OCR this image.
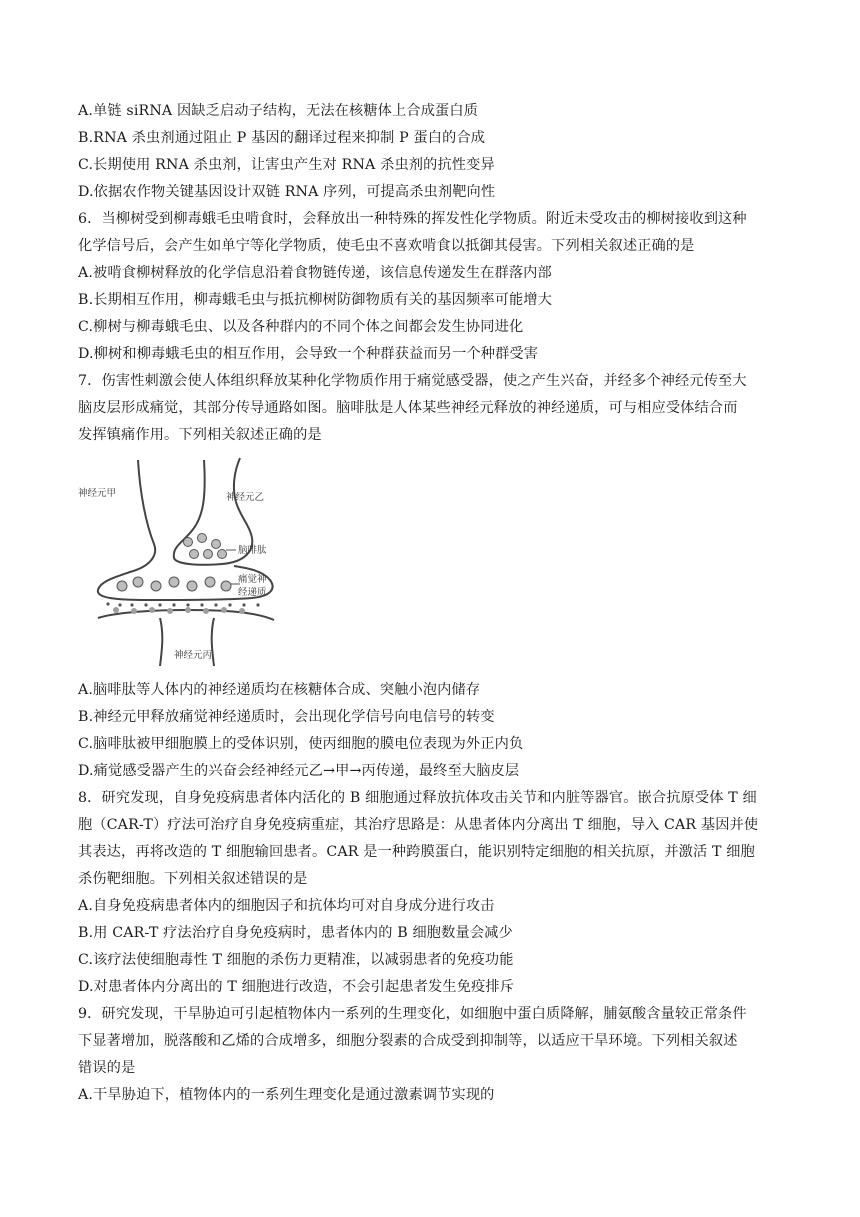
A.单链 siRNA 因缺乏启动子结构，无法在核糖体上合成蛋白质
B.RNA 杀虫剂通过阻止 P 基因的翻译过程来抑制 P 蛋白的合成
C.长期使用 RNA 杀虫剂，让害虫产生对 RNA 杀虫剂的抗性变异
D.依据农作物关键基因设计双链 RNA 序列，可提高杀虫剂靶向性
6．当柳树受到柳毒蛾毛虫啃食时，会释放出一种特殊的挥发性化学物质。附近未受攻击的柳树接收到这种
化学信号后，会产生如单宁等化学物质，使毛虫不喜欢啃食以抵御其侵害。下列相关叙述正确的是
A.被啃食柳树释放的化学信息沿着食物链传递，该信息传递发生在群落内部
B.长期相互作用，柳毒蛾毛虫与抵抗柳树防御物质有关的基因频率可能增大
C.柳树与柳毒蛾毛虫、以及各种群内的不同个体之间都会发生协同进化
D.柳树和柳毒蛾毛虫的相互作用，会导致一个种群获益而另一个种群受害
7．伤害性刺激会使人体组织释放某种化学物质作用于痛觉感受器，使之产生兴奋，并经多个神经元传至大
脑皮层形成痛觉，其部分传导通路如图。脑啡肽是人体某些神经元释放的神经递质，可与相应受体结合而
发挥镇痛作用。下列相关叙述正确的是
神经元甲	神经元乙
脑啡肽
痛觉神
经递质
神经元丙
A.脑啡肽等人体内的神经递质均在核糖体合成、突触小泡内储存
B.神经元甲释放痛觉神经递质时，会出现化学信号向电信号的转变
C.脑啡肽被甲细胞膜上的受体识别，使丙细胞的膜电位表现为外正内负
D.痛觉感受器产生的兴奋会经神经元乙→甲→丙传递，最终至大脑皮层
8．研究发现，自身免疫病患者体内活化的 B 细胞通过释放抗体攻击关节和内脏等器官。嵌合抗原受体 T 细
胞（CAR-T）疗法可治疗自身免疫病重症，其治疗思路是：从患者体内分离出 T 细胞，导入 CAR 基因并使
其表达，再将改造的 T 细胞输回患者。CAR 是一种跨膜蛋白，能识别特定细胞的相关抗原，并激活 T 细胞
杀伤靶细胞。下列相关叙述错误的是
A.自身免疫病患者体内的细胞因子和抗体均可对自身成分进行攻击
B.用 CAR-T 疗法治疗自身免疫病时，患者体内的 B 细胞数量会减少
C.该疗法使细胞毒性 T 细胞的杀伤力更精准，以减弱患者的免疫功能
D.对患者体内分离出的 T 细胞进行改造，不会引起患者发生免疫排斥
9．研究发现，干旱胁迫可引起植物体内一系列的生理变化，如细胞中蛋白质降解，脯氨酸含量较正常条件
下显著增加，脱落酸和乙烯的合成增多，细胞分裂素的合成受到抑制等，以适应干旱环境。下列相关叙述
错误的是
A.干旱胁迫下，植物体内的一系列生理变化是通过激素调节实现的
